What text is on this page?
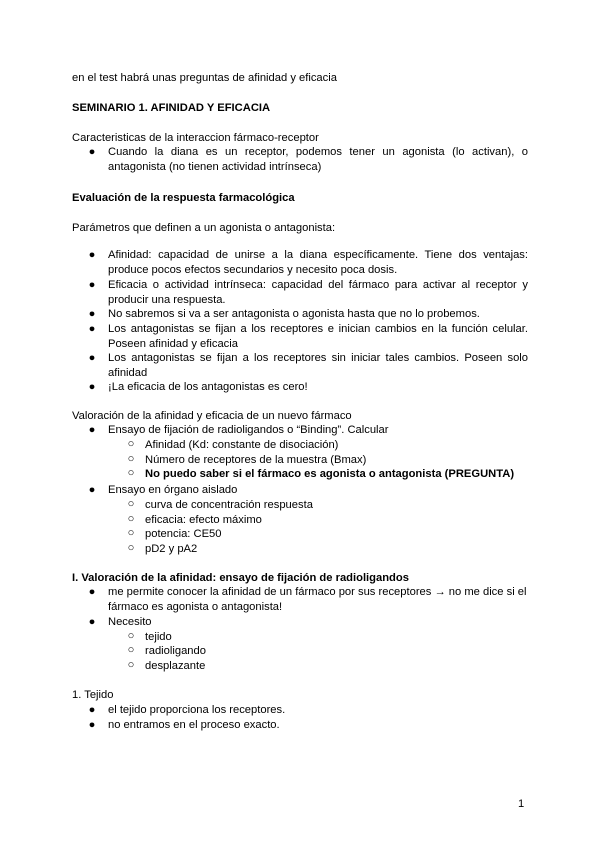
en el test habrá unas preguntas de afinidad y eficacia
SEMINARIO 1. AFINIDAD Y EFICACIA
Caracteristicas de la interaccion fármaco-receptor
● Cuando la diana es un receptor, podemos tener un agonista (lo activan), o antagonista (no tienen actividad intrínseca)
Evaluación de la respuesta farmacológica
Parámetros que definen a un agonista o antagonista:
● Afinidad: capacidad de unirse a la diana específicamente. Tiene dos ventajas: produce pocos efectos secundarios y necesito poca dosis.
● Eficacia o actividad intrínseca: capacidad del fármaco para activar al receptor y producir una respuesta.
● No sabremos si va a ser antagonista o agonista hasta que no lo probemos.
● Los antagonistas se fijan a los receptores e inician cambios en la función celular. Poseen afinidad y eficacia
● Los antagonistas se fijan a los receptores sin iniciar tales cambios. Poseen solo afinidad
● ¡La eficacia de los antagonistas es cero!
Valoración de la afinidad y eficacia de un nuevo fármaco
● Ensayo de fijación de radioligandos o “Binding”. Calcular
○ Afinidad (Kd: constante de disociación)
○ Número de receptores de la muestra (Bmax)
○ No puedo saber si el fármaco es agonista o antagonista (PREGUNTA)
● Ensayo en órgano aislado
○ curva de concentración respuesta
○ eficacia: efecto máximo
○ potencia: CE50
○ pD2 y pA2
I. Valoración de la afinidad: ensayo de fijación de radioligandos
● me permite conocer la afinidad de un fármaco por sus receptores → no me dice si el
fármaco es agonista o antagonista!
● Necesito
○ tejido
○ radioligando
○ desplazante
1. Tejido
● el tejido proporciona los receptores.
● no entramos en el proceso exacto.
1
